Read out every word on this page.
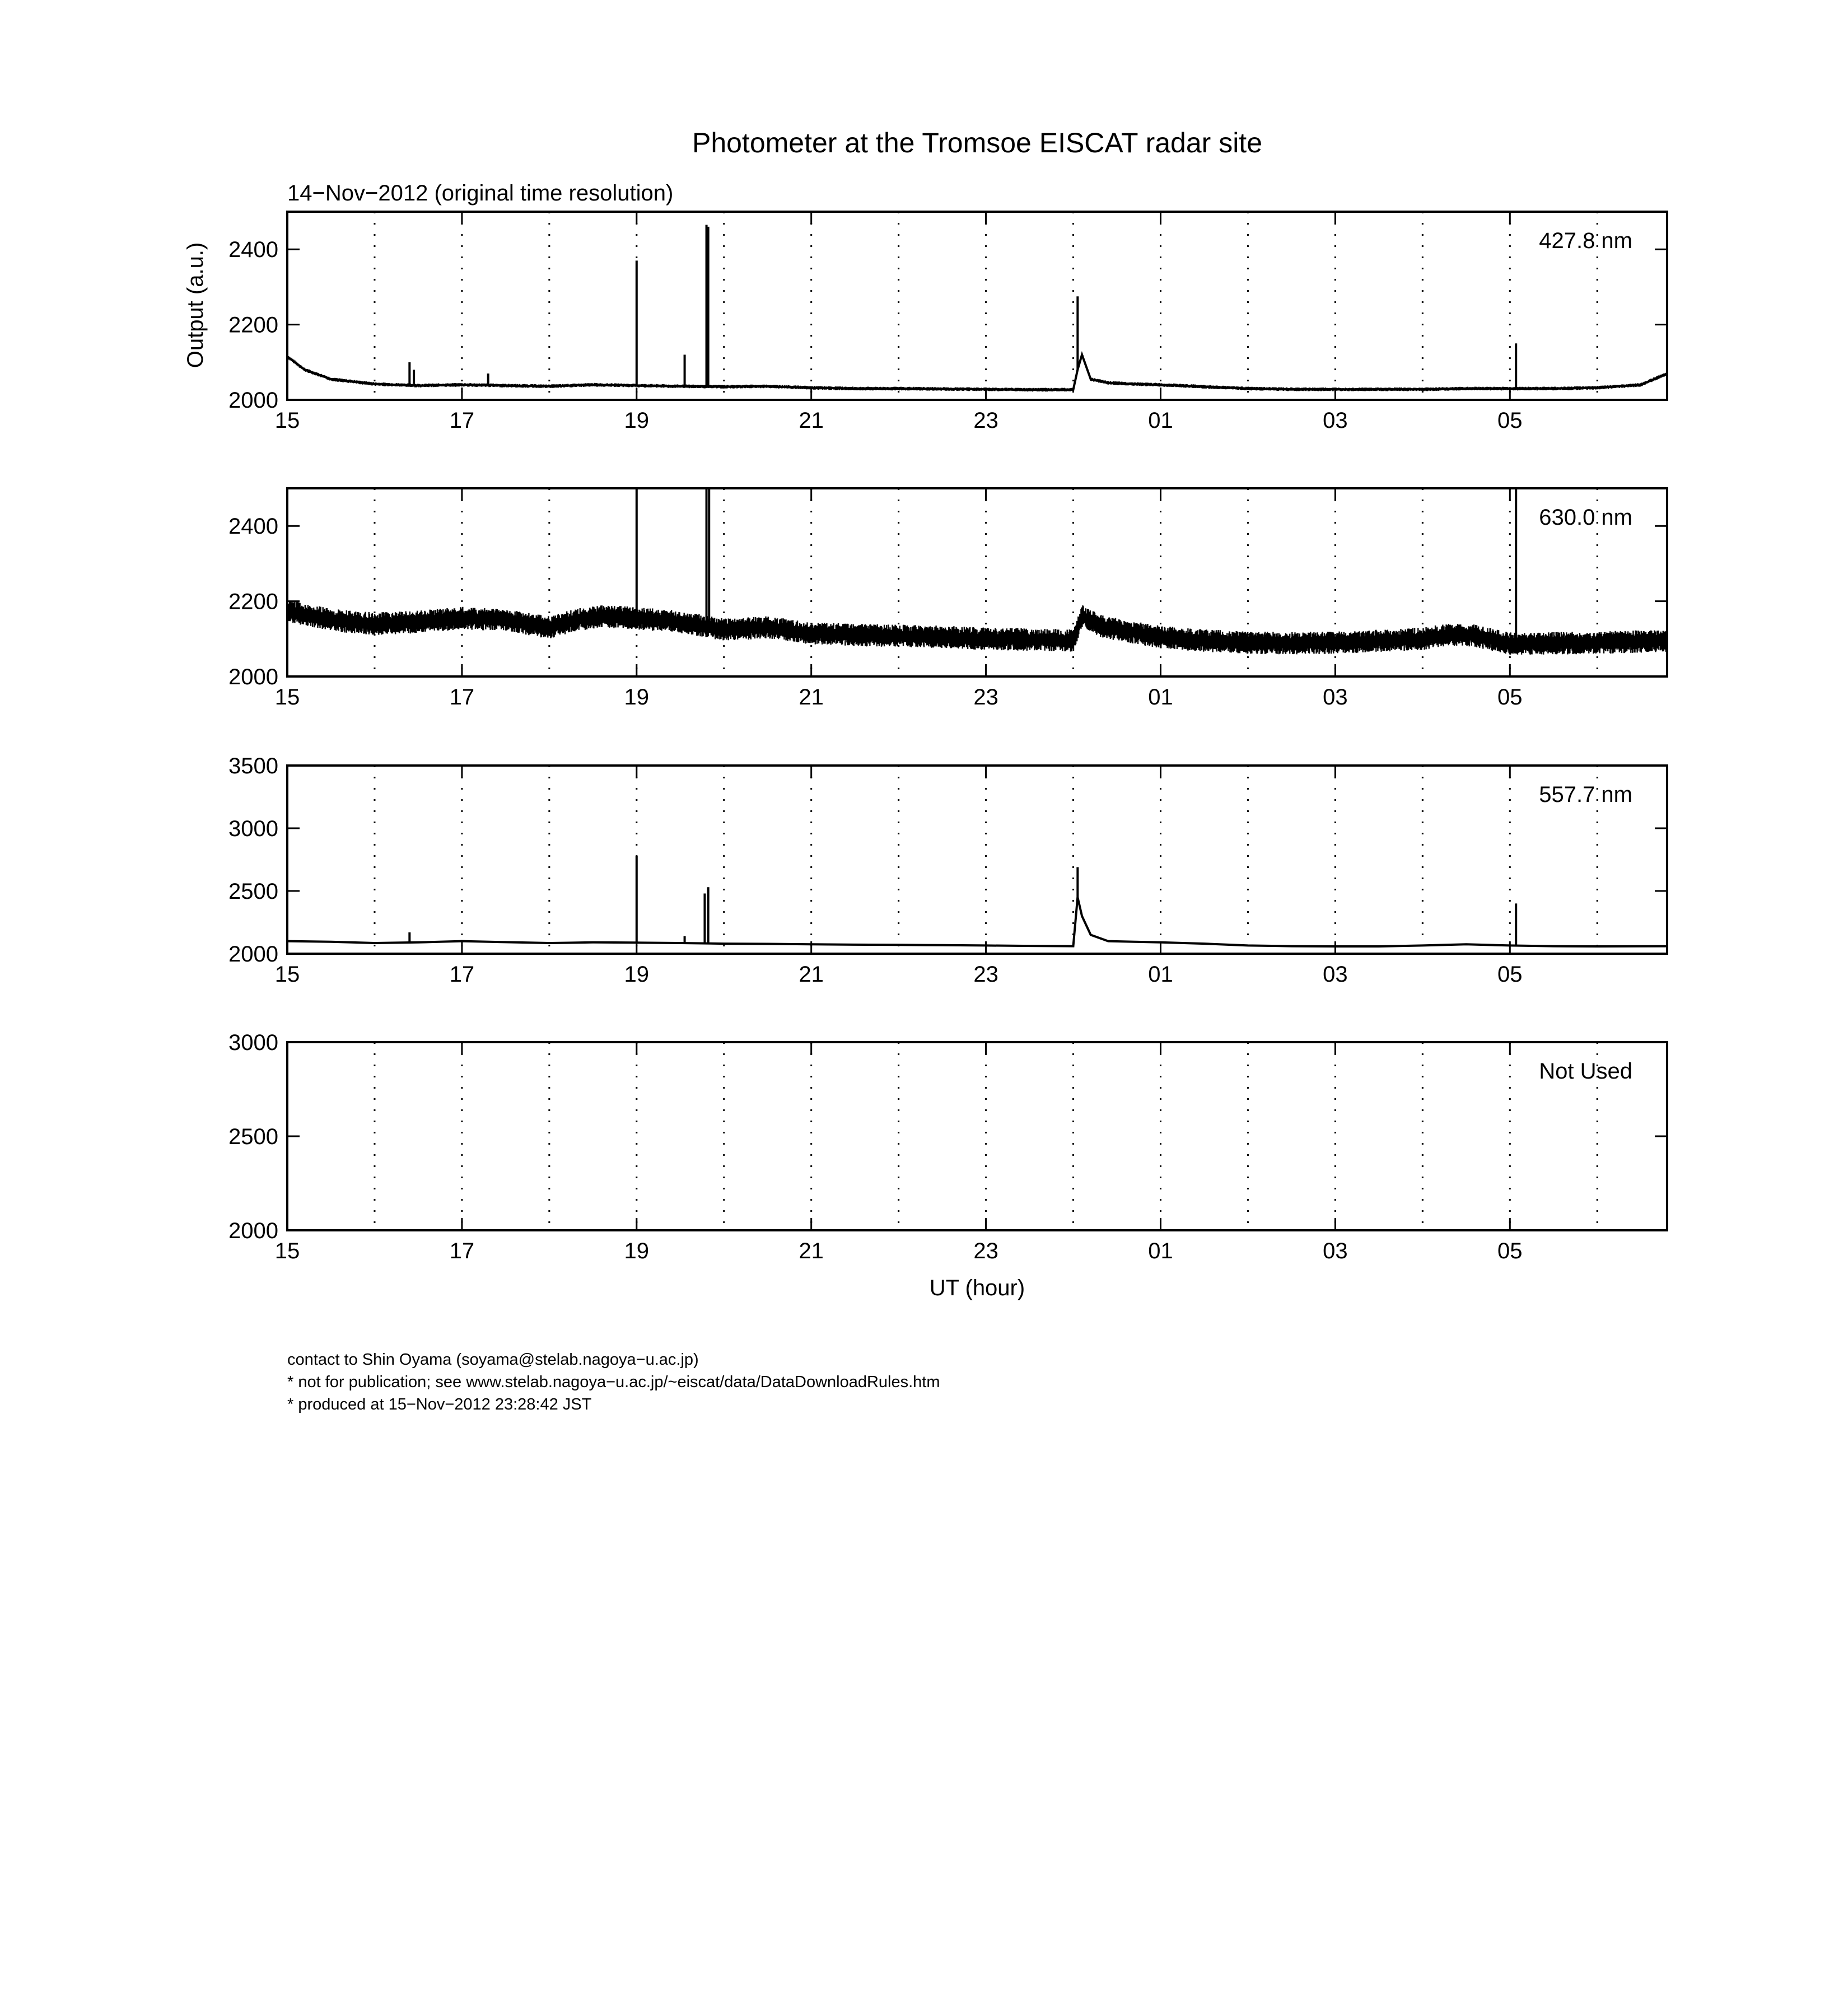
Photometer at the Tromsoe EISCAT radar site
14−Nov−2012 (original time resolution)
Output (a.u.)
UT (hour)
2000
2200
2400
15	17	19	21	23	01	03	05
427.8 nm
2000
2200
2400
15	17	19	21	23	01	03	05
630.0 nm
2000
2500
3000
3500
15	17	19	21	23	01	03	05
557.7 nm
2000
2500
3000
15	17	19	21	23	01	03	05
Not Used
contact to Shin Oyama (soyama@stelab.nagoya−u.ac.jp)
* not for publication; see www.stelab.nagoya−u.ac.jp/~eiscat/data/DataDownloadRules.htm
* produced at 15−Nov−2012 23:28:42 JST
